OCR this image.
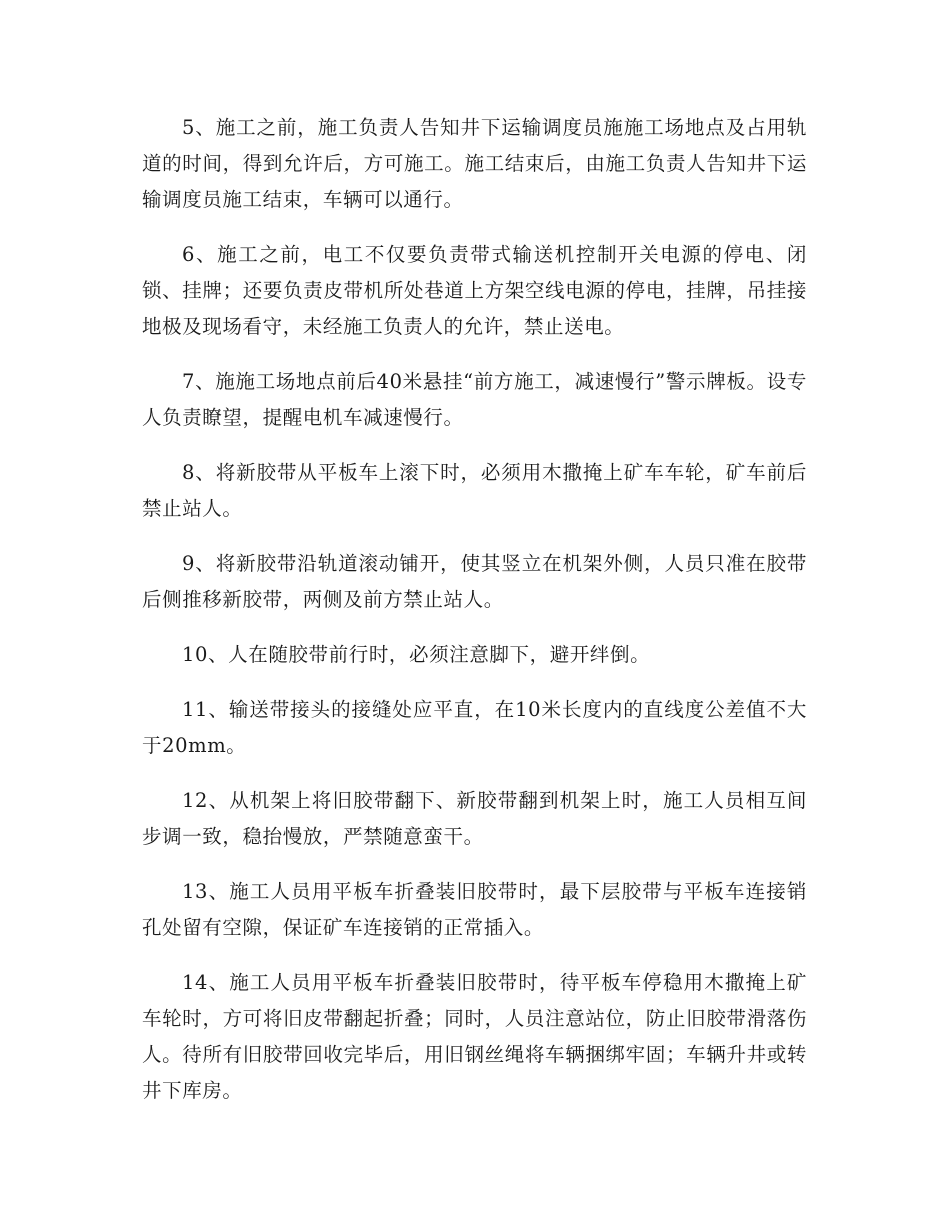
5、施工之前，施工负责人告知井下运输调度员施施工场地点及占用轨道的时间，得到允许后，方可施工。施工结束后，由施工负责人告知井下运输调度员施工结束，车辆可以通行。

6、施工之前，电工不仅要负责带式输送机控制开关电源的停电、闭锁、挂牌；还要负责皮带机所处巷道上方架空线电源的停电，挂牌，吊挂接地极及现场看守，未经施工负责人的允许，禁止送电。

7、施施工场地点前后40米悬挂“前方施工，减速慢行”警示牌板。设专人负责瞭望，提醒电机车减速慢行。

8、将新胶带从平板车上滚下时，必须用木撒掩上矿车车轮，矿车前后禁止站人。

9、将新胶带沿轨道滚动铺开，使其竖立在机架外侧，人员只准在胶带后侧推移新胶带，两侧及前方禁止站人。

10、人在随胶带前行时，必须注意脚下，避开绊倒。

11、输送带接头的接缝处应平直，在10米长度内的直线度公差值不大于20mm。

12、从机架上将旧胶带翻下、新胶带翻到机架上时，施工人员相互间步调一致，稳抬慢放，严禁随意蛮干。

13、施工人员用平板车折叠装旧胶带时，最下层胶带与平板车连接销孔处留有空隙，保证矿车连接销的正常插入。

14、施工人员用平板车折叠装旧胶带时，待平板车停稳用木撒掩上矿车轮时，方可将旧皮带翻起折叠；同时，人员注意站位，防止旧胶带滑落伤人。待所有旧胶带回收完毕后，用旧钢丝绳将车辆捆绑牢固；车辆升井或转井下库房。
